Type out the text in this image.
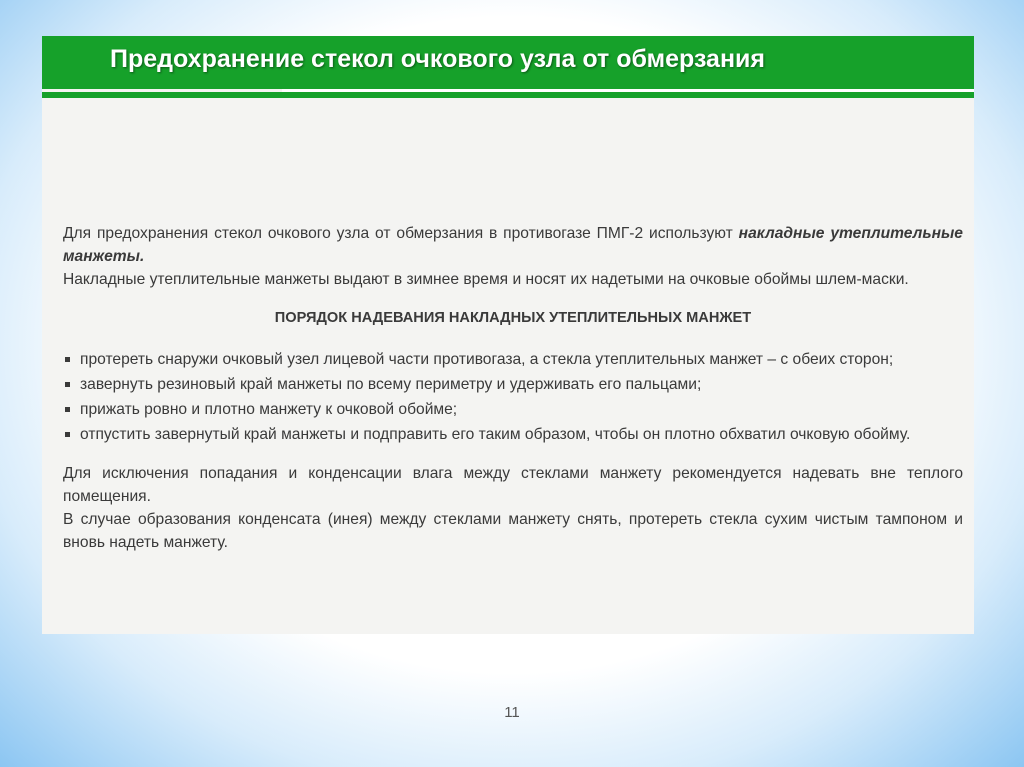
Предохранение стекол очкового узла от обмерзания

Для предохранения стекол очкового узла от обмерзания в противогазе ПМГ-2 используют накладные утеплительные манжеты.

Накладные утеплительные манжеты выдают в зимнее время и носят их надетыми на очковые обоймы шлем-маски.

ПОРЯДОК НАДЕВАНИЯ НАКЛАДНЫХ УТЕПЛИТЕЛЬНЫХ МАНЖЕТ
протереть снаружи очковый узел лицевой части противогаза, а стекла утеплительных манжет – с обеих сторон;
завернуть резиновый край манжеты по всему периметру и удерживать его пальцами;
прижать ровно и плотно манжету к очковой обойме;
отпустить завернутый край манжеты и подправить его таким образом, чтобы он плотно обхватил очковую обойму.

Для исключения попадания и конденсации влага между стеклами манжету рекомендуется надевать вне теплого помещения.

В случае образования конденсата (инея) между стеклами манжету снять, протереть стекла сухим чистым тампоном и вновь надеть манжету.

11
